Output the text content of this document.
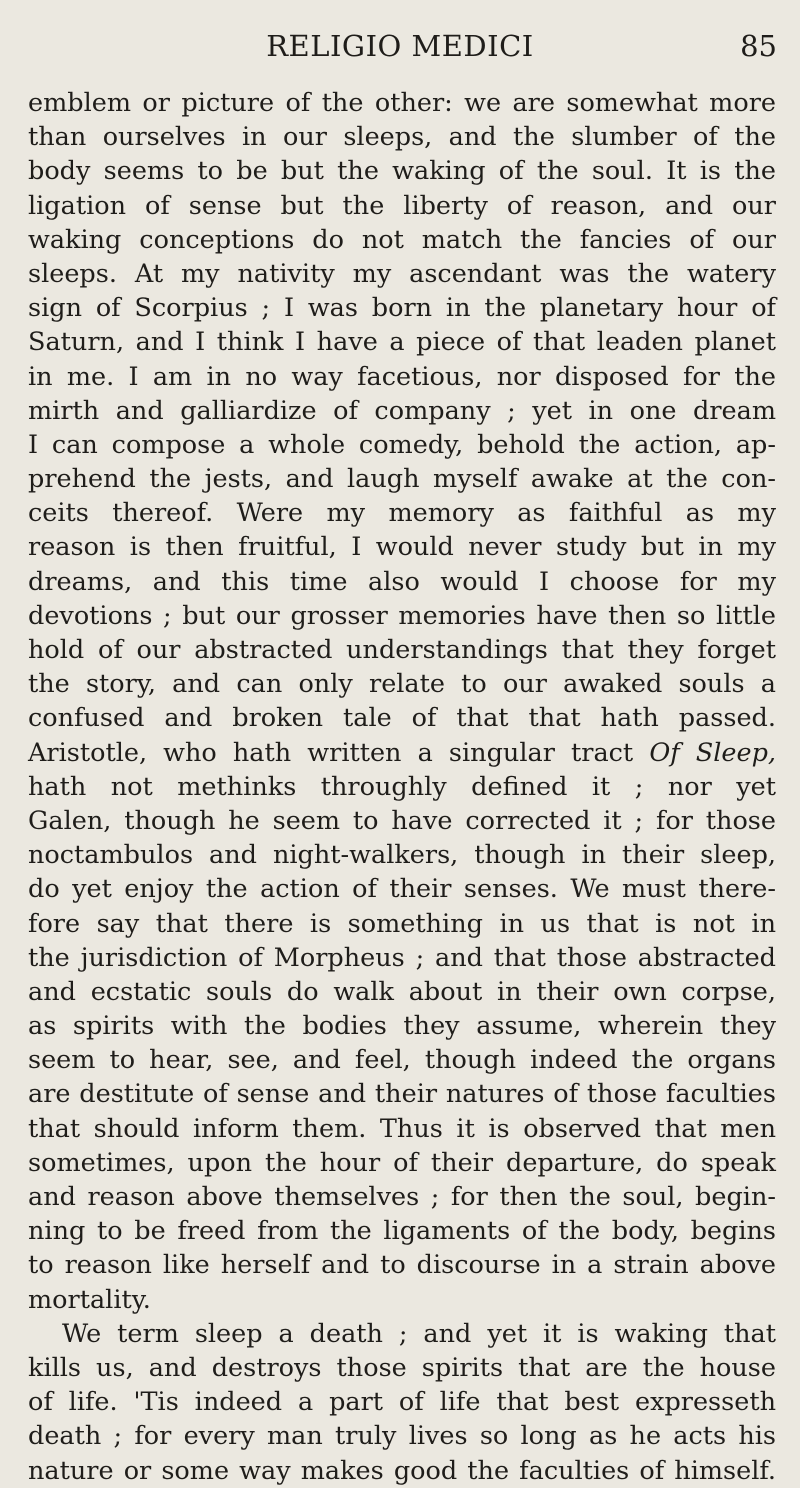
RELIGIO MEDICI	85
emblem or picture of the other: we are somewhat more
than ourselves in our sleeps, and the slumber of the
body seems to be but the waking of the soul. It is the
ligation of sense but the liberty of reason, and our
waking conceptions do not match the fancies of our
sleeps. At my nativity my ascendant was the watery
sign of Scorpius ; I was born in the planetary hour of
Saturn, and I think I have a piece of that leaden planet
in me. I am in no way facetious, nor disposed for the
mirth and galliardize of company ; yet in one dream
I can compose a whole comedy, behold the action, ap-
prehend the jests, and laugh myself awake at the con-
ceits thereof. Were my memory as faithful as my
reason is then fruitful, I would never study but in my
dreams, and this time also would I choose for my
devotions ; but our grosser memories have then so little
hold of our abstracted understandings that they forget
the story, and can only relate to our awaked souls a
confused and broken tale of that that hath passed.
Aristotle, who hath written a singular tract Of Sleep,
hath not methinks throughly defined it ; nor yet
Galen, though he seem to have corrected it ; for those
noctambulos and night-walkers, though in their sleep,
do yet enjoy the action of their senses. We must there-
fore say that there is something in us that is not in
the jurisdiction of Morpheus ; and that those abstracted
and ecstatic souls do walk about in their own corpse,
as spirits with the bodies they assume, wherein they
seem to hear, see, and feel, though indeed the organs
are destitute of sense and their natures of those faculties
that should inform them. Thus it is observed that men
sometimes, upon the hour of their departure, do speak
and reason above themselves ; for then the soul, begin-
ning to be freed from the ligaments of the body, begins
to reason like herself and to discourse in a strain above
mortality.
We term sleep a death ; and yet it is waking that
kills us, and destroys those spirits that are the house
of life. 'Tis indeed a part of life that best expresseth
death ; for every man truly lives so long as he acts his
nature or some way makes good the faculties of himself.
